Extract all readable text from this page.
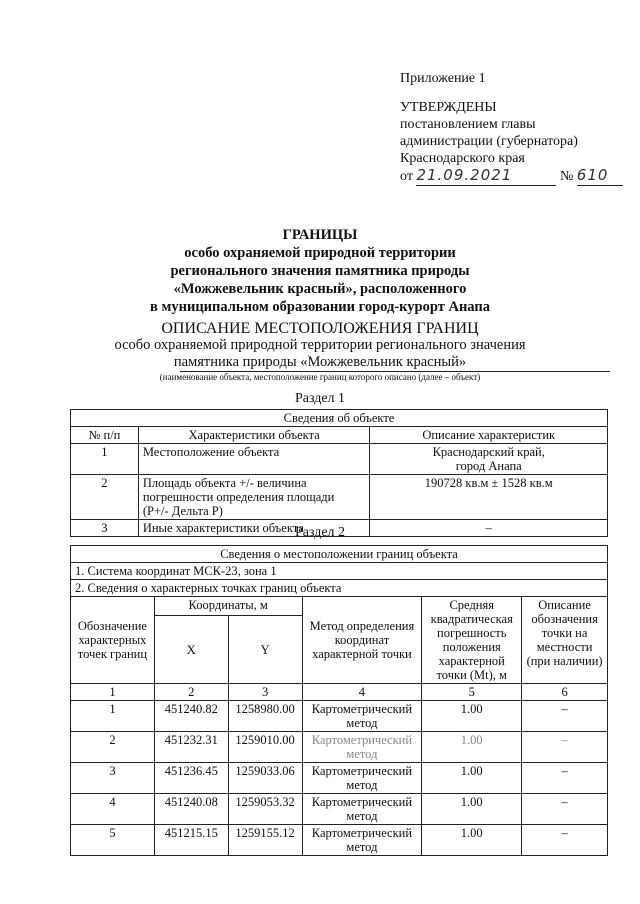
Приложение 1
УТВЕРЖДЕНЫ
постановлением главы
администрации (губернатора)
Краснодарского края
от 21.09.2021	№ 610
ГРАНИЦЫ
особо охраняемой природной территории
регионального значения памятника природы
«Можжевельник красный», расположенного
в муниципальном образовании город-курорт Анапа
ОПИСАНИЕ МЕСТОПОЛОЖЕНИЯ ГРАНИЦ
особо охраняемой природной территории регионального значения
памятника природы «Можжевельник красный»
(наименование объекта, местоположение границ которого описано (далее – объект)
Раздел 1
Сведения об объекте		
№ п/п	Характеристики объекта	Описание характеристик
1	Местоположение объекта	Краснодарский край,
город Анапа

2	Площадь объекта +/- величина
погрешности определения площади
(P+/- Дельта P)	190728 кв.м ± 1528 кв.м
3	Иные характеристики объекта	–
Раздел 2
Сведения о местоположении границ объекта					
1. Система координат МСК-23, зона 1					
2. Сведения о характерных точках границ объекта					
Обозначение характерных точек границ	Координаты, м		Метод определения координат характерной точки	Средняя квадратическая погрешность положения характерной точки (Mt), м	Описание обозначения точки на местности (при наличии)
	X	Y			
1	2	3	4	5	6
1	451240.82	1258980.00	Картометрический метод	1.00	–
2	451232.31	1259010.00	Картометрический метод	1.00	–
3	451236.45	1259033.06	Картометрический метод	1.00	–
4	451240.08	1259053.32	Картометрический метод	1.00	–
5	451215.15	1259155.12	Картометрический метод	1.00	–
